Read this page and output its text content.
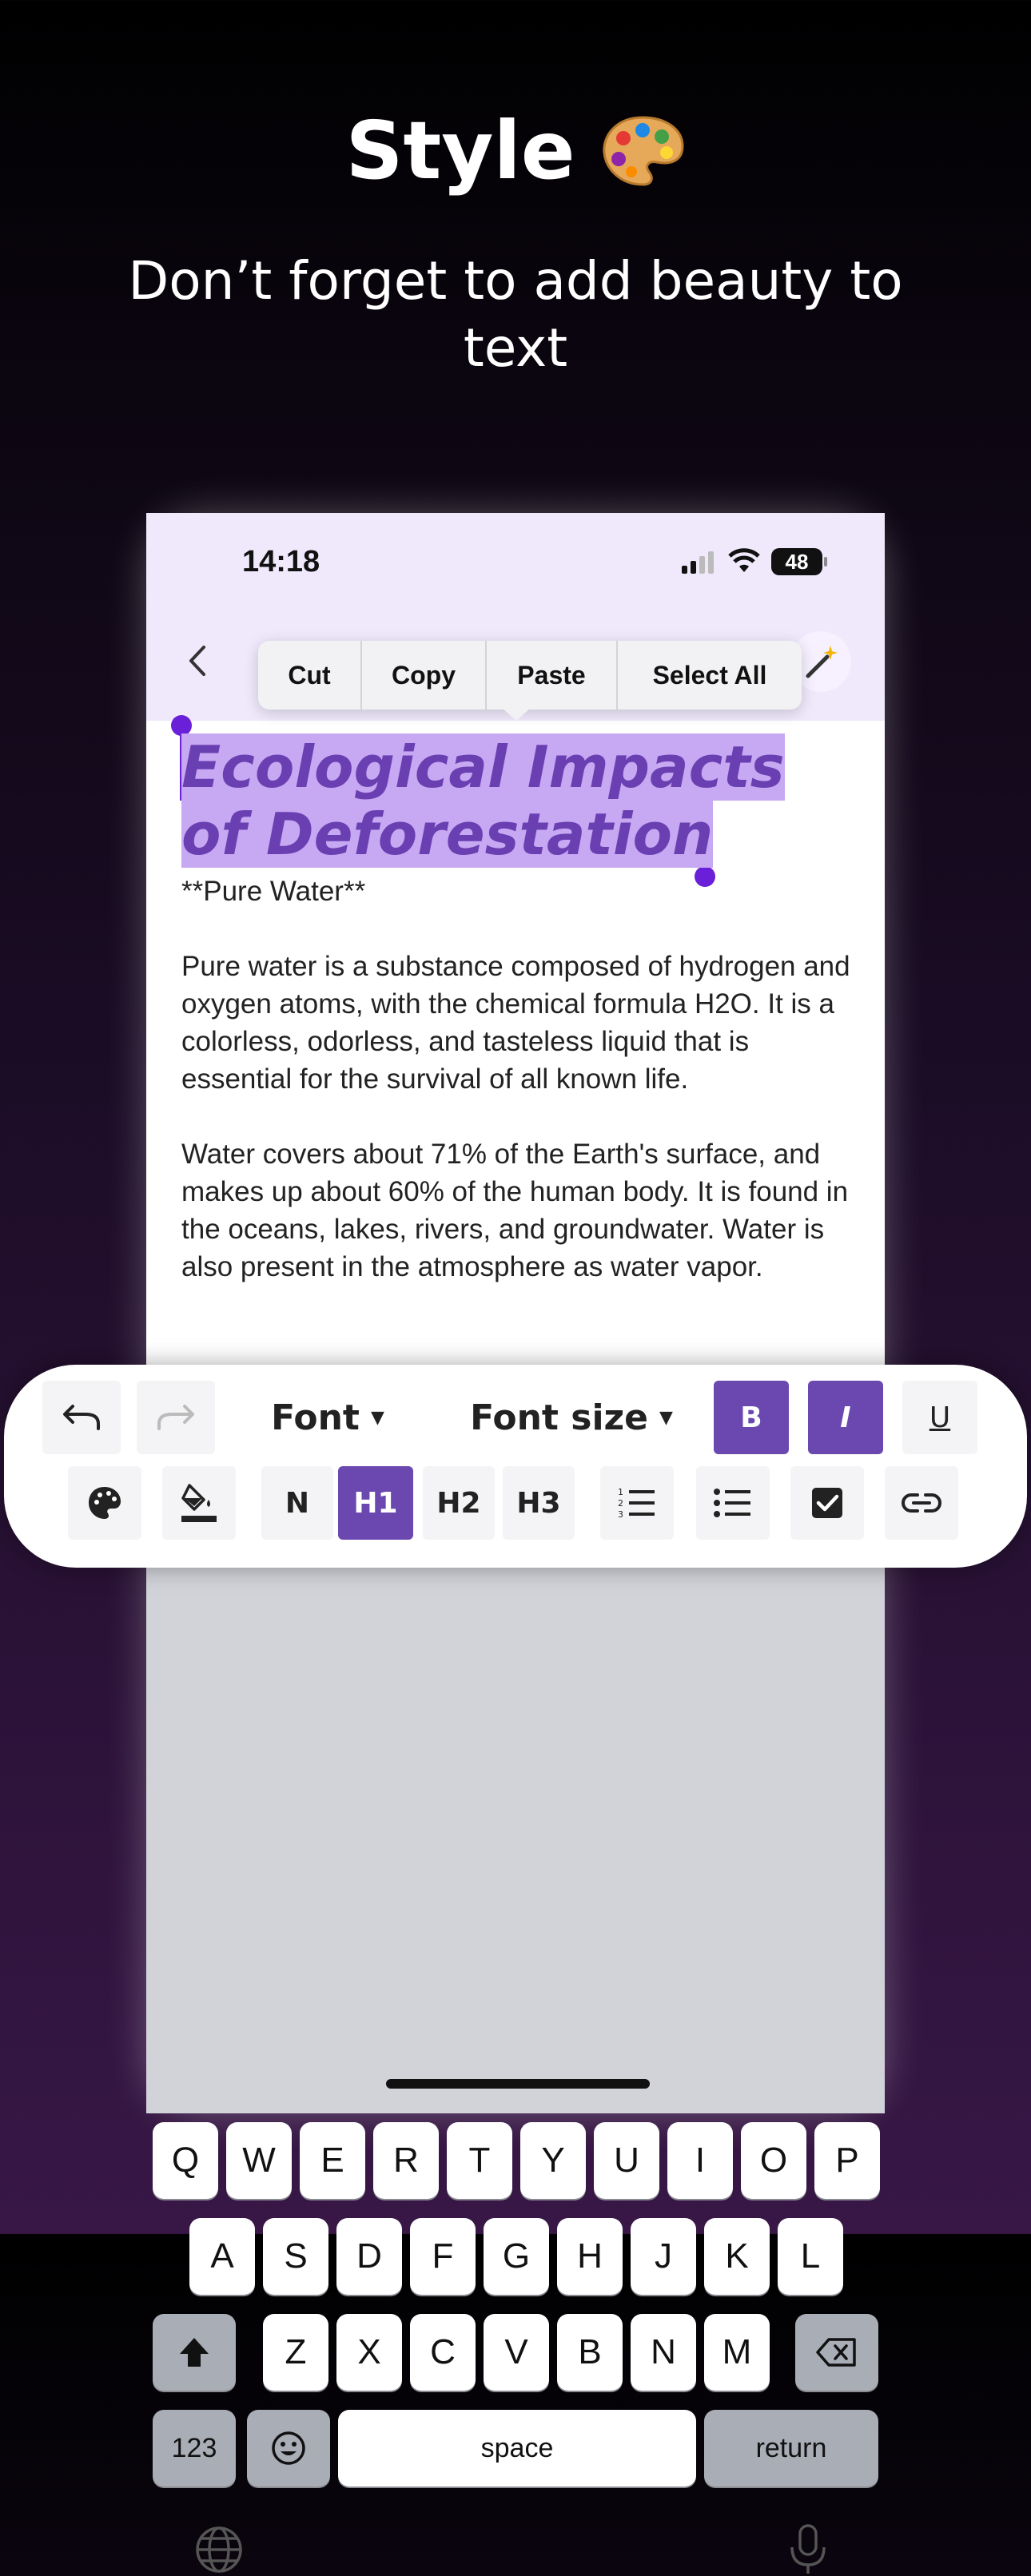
Style
Don’t forget to add beauty to text
14:18	48
Cut	Copy	Paste	Select All
Ecological Impacts
of Deforestation

**Pure Water**

Pure water is a substance composed of hydrogen and oxygen atoms, with the chemical formula H2O. It is a colorless, odorless, and tasteless liquid that is essential for the survival of all known life.

Water covers about 71% of the Earth's surface, and makes up about 60% of the human body. It is found in the oceans, lakes, rivers, and groundwater. Water is also present in the atmosphere as water vapor.

Q	W	E	R	T	Y	U	I	O	P
A	S	D	F	G	H	J	K	L
Z	X	C	V	B	N	M
123	space	return
Font ▼ Font size ▼ B	I	U
N H1 H2 H3	1
2
3
